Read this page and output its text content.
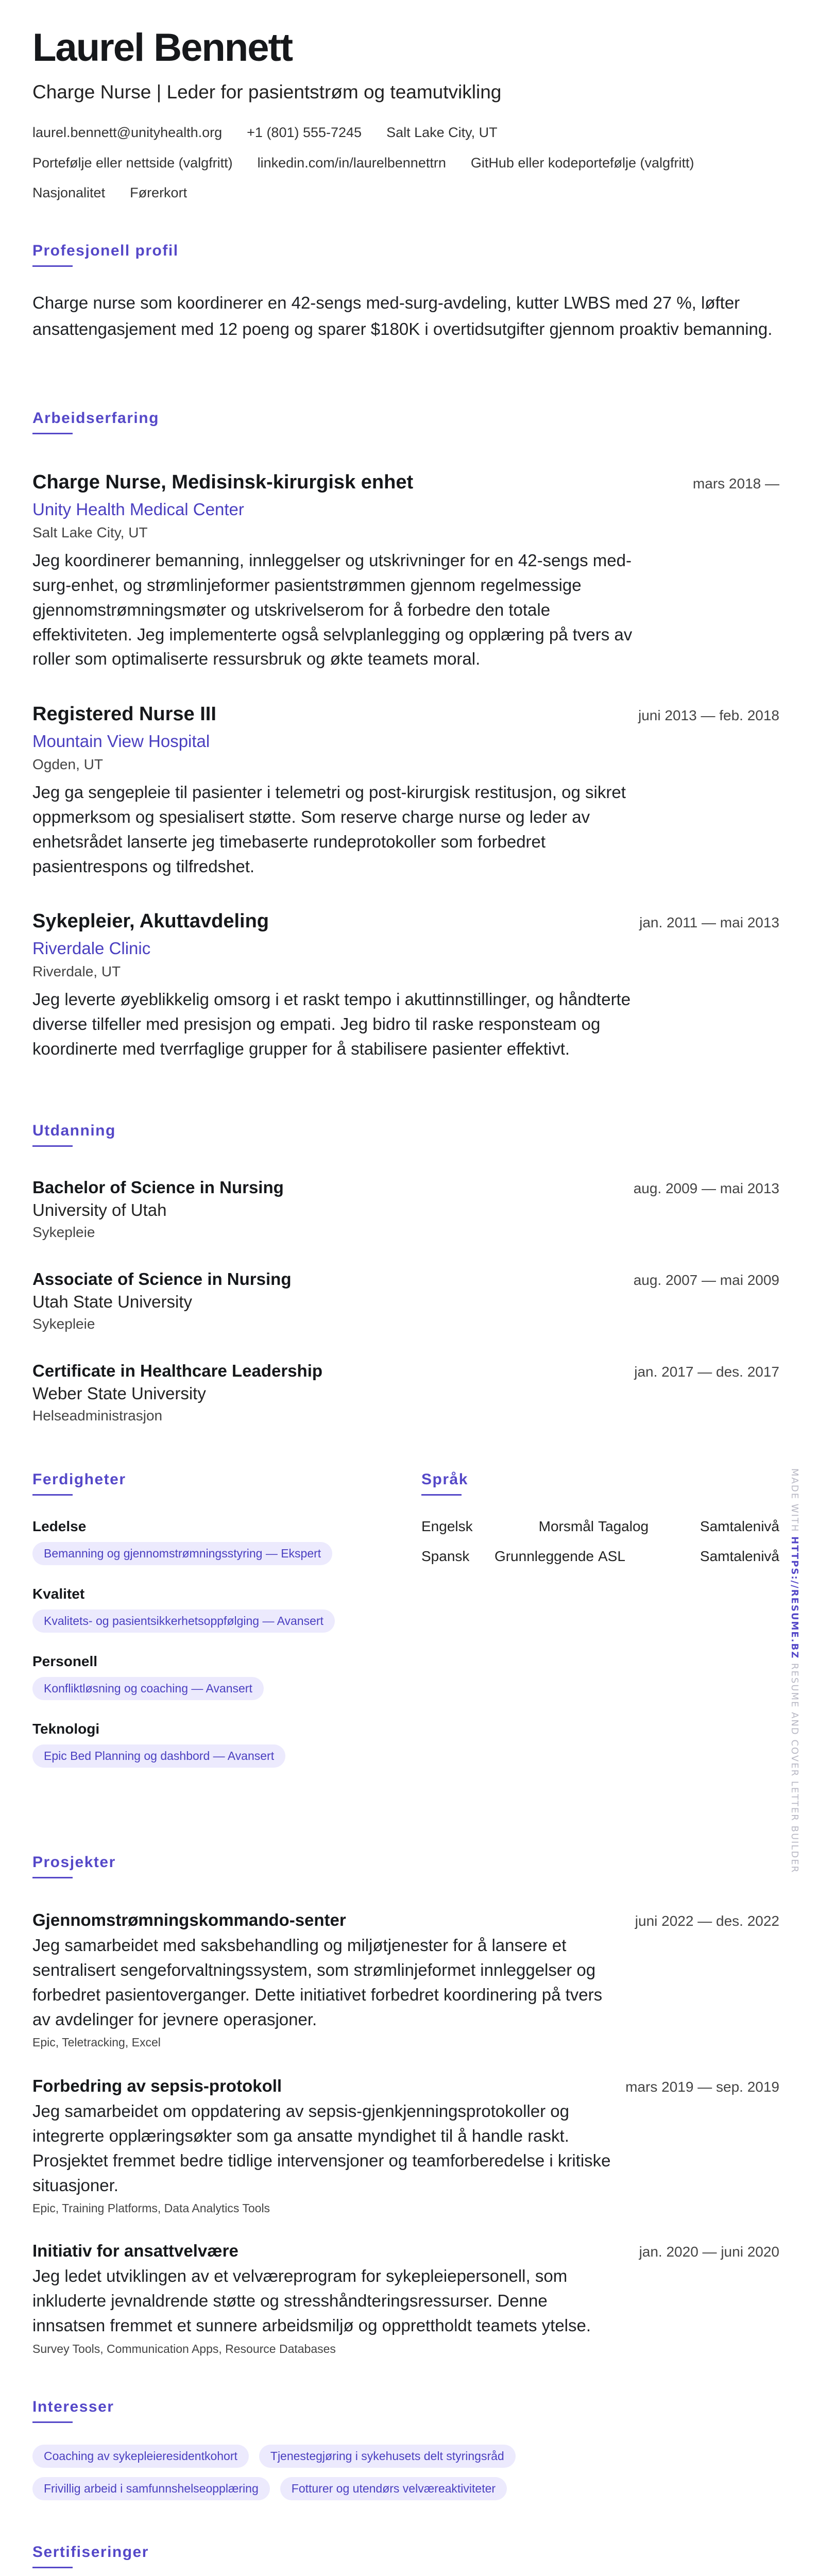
Laurel Bennett
Charge Nurse | Leder for pasientstrøm og teamutvikling
laurel.bennett@unityhealth.org +1 (801) 555-7245 Salt Lake City, UT
Portefølje eller nettside (valgfritt) linkedin.com/in/laurelbennettrn GitHub eller kodeportefølje (valgfritt)
Nasjonalitet Førerkort
Profesjonell profil
Charge nurse som koordinerer en 42-sengs med-surg-avdeling, kutter LWBS med 27 %, løfter ansattengasjement med 12 poeng og sparer $180K i overtidsutgifter gjennom proaktiv bemanning.
Arbeidserfaring
Charge Nurse, Medisinsk-kirurgisk enhet	mars 2018 —
Unity Health Medical Center
Salt Lake City, UT
Jeg koordinerer bemanning, innleggelser og utskrivninger for en 42-sengs med-surg-enhet, og strømlinjeformer pasientstrømmen gjennom regelmessige gjennomstrømningsmøter og utskrivelserom for å forbedre den totale effektiviteten. Jeg implementerte også selvplanlegging og opplæring på tvers av roller som optimaliserte ressursbruk og økte teamets moral.
Registered Nurse III	juni 2013 — feb. 2018
Mountain View Hospital
Ogden, UT
Jeg ga sengepleie til pasienter i telemetri og post-kirurgisk restitusjon, og sikret oppmerksom og spesialisert støtte. Som reserve charge nurse og leder av enhetsrådet lanserte jeg timebaserte rundeprotokoller som forbedret pasientrespons og tilfredshet.
Sykepleier, Akuttavdeling	jan. 2011 — mai 2013
Riverdale Clinic
Riverdale, UT
Jeg leverte øyeblikkelig omsorg i et raskt tempo i akuttinnstillinger, og håndterte diverse tilfeller med presisjon og empati. Jeg bidro til raske responsteam og koordinerte med tverrfaglige grupper for å stabilisere pasienter effektivt.
Utdanning
Bachelor of Science in Nursing	aug. 2009 — mai 2013
University of Utah
Sykepleie
Associate of Science in Nursing	aug. 2007 — mai 2009
Utah State University
Sykepleie
Certificate in Healthcare Leadership	jan. 2017 — des. 2017
Weber State University
Helseadministrasjon
Ferdigheter
Ledelse
Bemanning og gjennomstrømningsstyring — Ekspert
Kvalitet
Kvalitets- og pasientsikkerhetsoppfølging — Avansert
Personell
Konfliktløsning og coaching — Avansert
Teknologi
Epic Bed Planning og dashbord — Avansert
Språk
Engelsk	Morsmål Tagalog	Samtalenivå
Spansk	Grunnleggende ASL	Samtalenivå
Prosjekter
Gjennomstrømningskommando-senter	juni 2022 — des. 2022
Jeg samarbeidet med saksbehandling og miljøtjenester for å lansere et sentralisert sengeforvaltningssystem, som strømlinjeformet innleggelser og forbedret pasientoverganger. Dette initiativet forbedret koordinering på tvers av avdelinger for jevnere operasjoner.
Epic, Teletracking, Excel
Forbedring av sepsis-protokoll	mars 2019 — sep. 2019
Jeg samarbeidet om oppdatering av sepsis-gjenkjenningsprotokoller og integrerte opplæringsøkter som ga ansatte myndighet til å handle raskt. Prosjektet fremmet bedre tidlige intervensjoner og teamforberedelse i kritiske situasjoner.
Epic, Training Platforms, Data Analytics Tools
Initiativ for ansattvelvære	jan. 2020 — juni 2020
Jeg ledet utviklingen av et velværeprogram for sykepleiepersonell, som inkluderte jevnaldrende støtte og stresshåndteringsressurser. Denne innsatsen fremmet et sunnere arbeidsmiljø og opprettholdt teamets ytelse.
Survey Tools, Communication Apps, Resource Databases
Interesser
Coaching av sykepleieresidentkohort	Tjenestegjøring i sykehusets delt styringsråd
Frivillig arbeid i samfunnshelseopplæring	Fotturer og utendørs velværeaktiviteter
Sertifiseringer
MADE WITH HTTPS://RESUME.BZ RESUME AND COVER LETTER BUILDER
